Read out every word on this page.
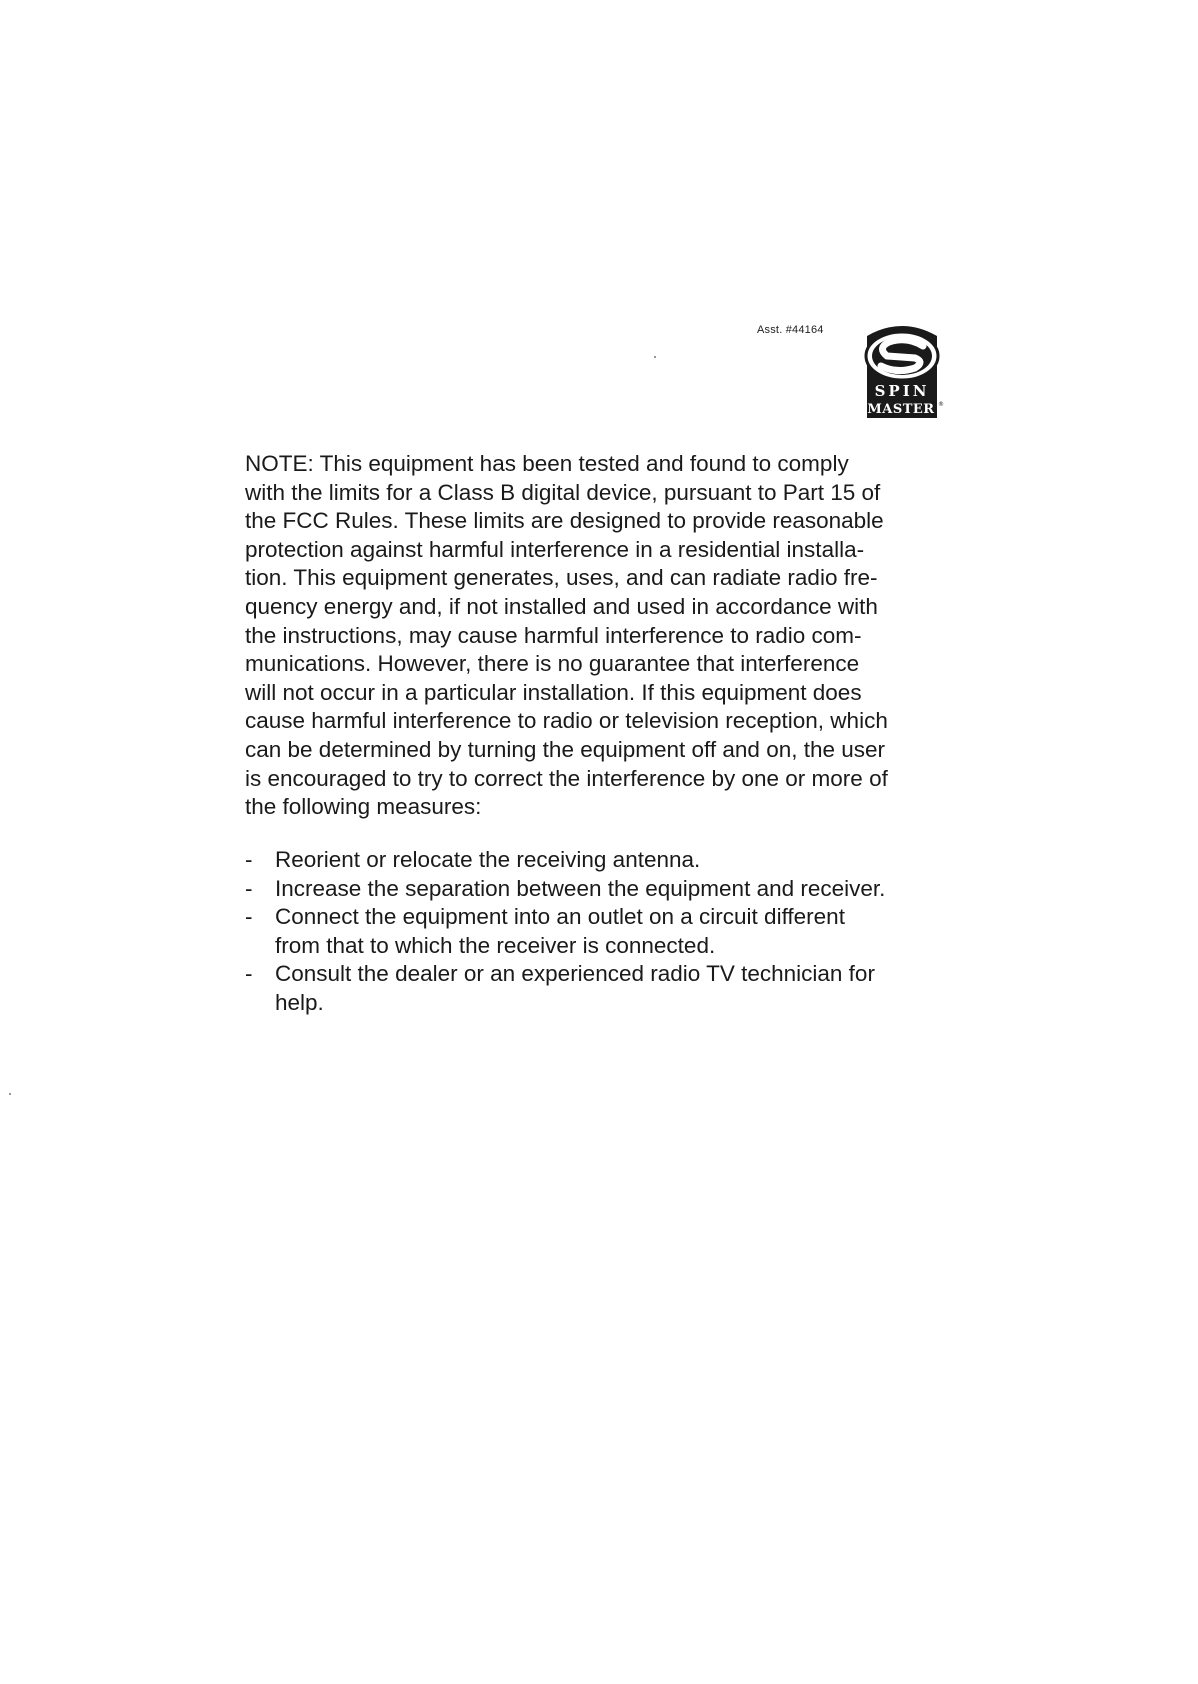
Asst. #44164
SPIN
MASTER ®
NOTE: This equipment has been tested and found to comply
with the limits for a Class B digital device, pursuant to Part 15 of
the FCC Rules. These limits are designed to provide reasonable
protection against harmful interference in a residential installa-
tion. This equipment generates, uses, and can radiate radio fre-
quency energy and, if not installed and used in accordance with
the instructions, may cause harmful interference to radio com-
munications. However, there is no guarantee that interference
will not occur in a particular installation. If this equipment does
cause harmful interference to radio or television reception, which
can be determined by turning the equipment off and on, the user
is encouraged to try to correct the interference by one or more of
the following measures:
- Reorient or relocate the receiving antenna.
- Increase the separation between the equipment and receiver.
- Connect the equipment into an outlet on a circuit different
from that to which the receiver is connected.
- Consult the dealer or an experienced radio TV technician for
help.
